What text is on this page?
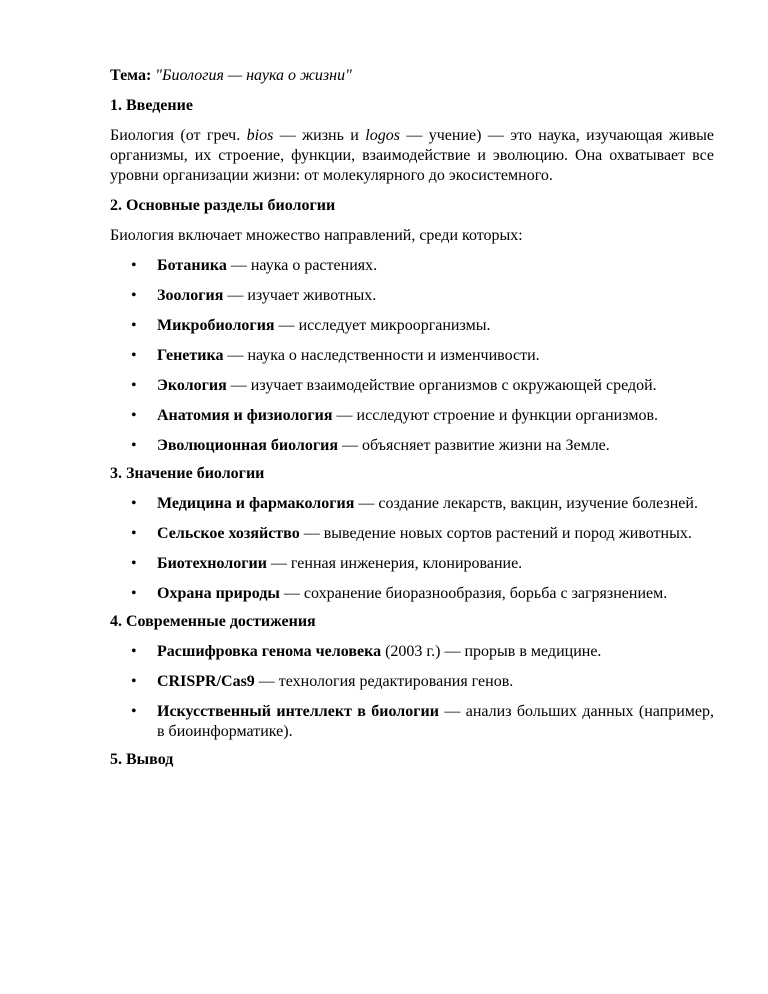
Тема: "Биология — наука о жизни"
1. Введение

Биология (от греч. bios — жизнь и logos — учение) — это наука, изучающая живые организмы, их строение, функции, взаимодействие и эволюцию. Она охватывает все уровни организации жизни: от молекулярного до экосистемного.

2. Основные разделы биологии

Биология включает множество направлений, среди которых:

• Ботаника — наука о растениях.
• Зоология — изучает животных.
• Микробиология — исследует микроорганизмы.
• Генетика — наука о наследственности и изменчивости.
• Экология — изучает взаимодействие организмов с окружающей средой.
• Анатомия и физиология — исследуют строение и функции организмов.
• Эволюционная биология — объясняет развитие жизни на Земле.
3. Значение биологии
• Медицина и фармакология — создание лекарств, вакцин, изучение болезней.
• Сельское хозяйство — выведение новых сортов растений и пород животных.
• Биотехнологии — генная инженерия, клонирование.
• Охрана природы — сохранение биоразнообразия, борьба с загрязнением.
4. Современные достижения
• Расшифровка генома человека (2003 г.) — прорыв в медицине.
• CRISPR/Cas9 — технология редактирования генов.
• Искусственный интеллект в биологии — анализ больших данных (например, в биоинформатике).
5. Вывод
